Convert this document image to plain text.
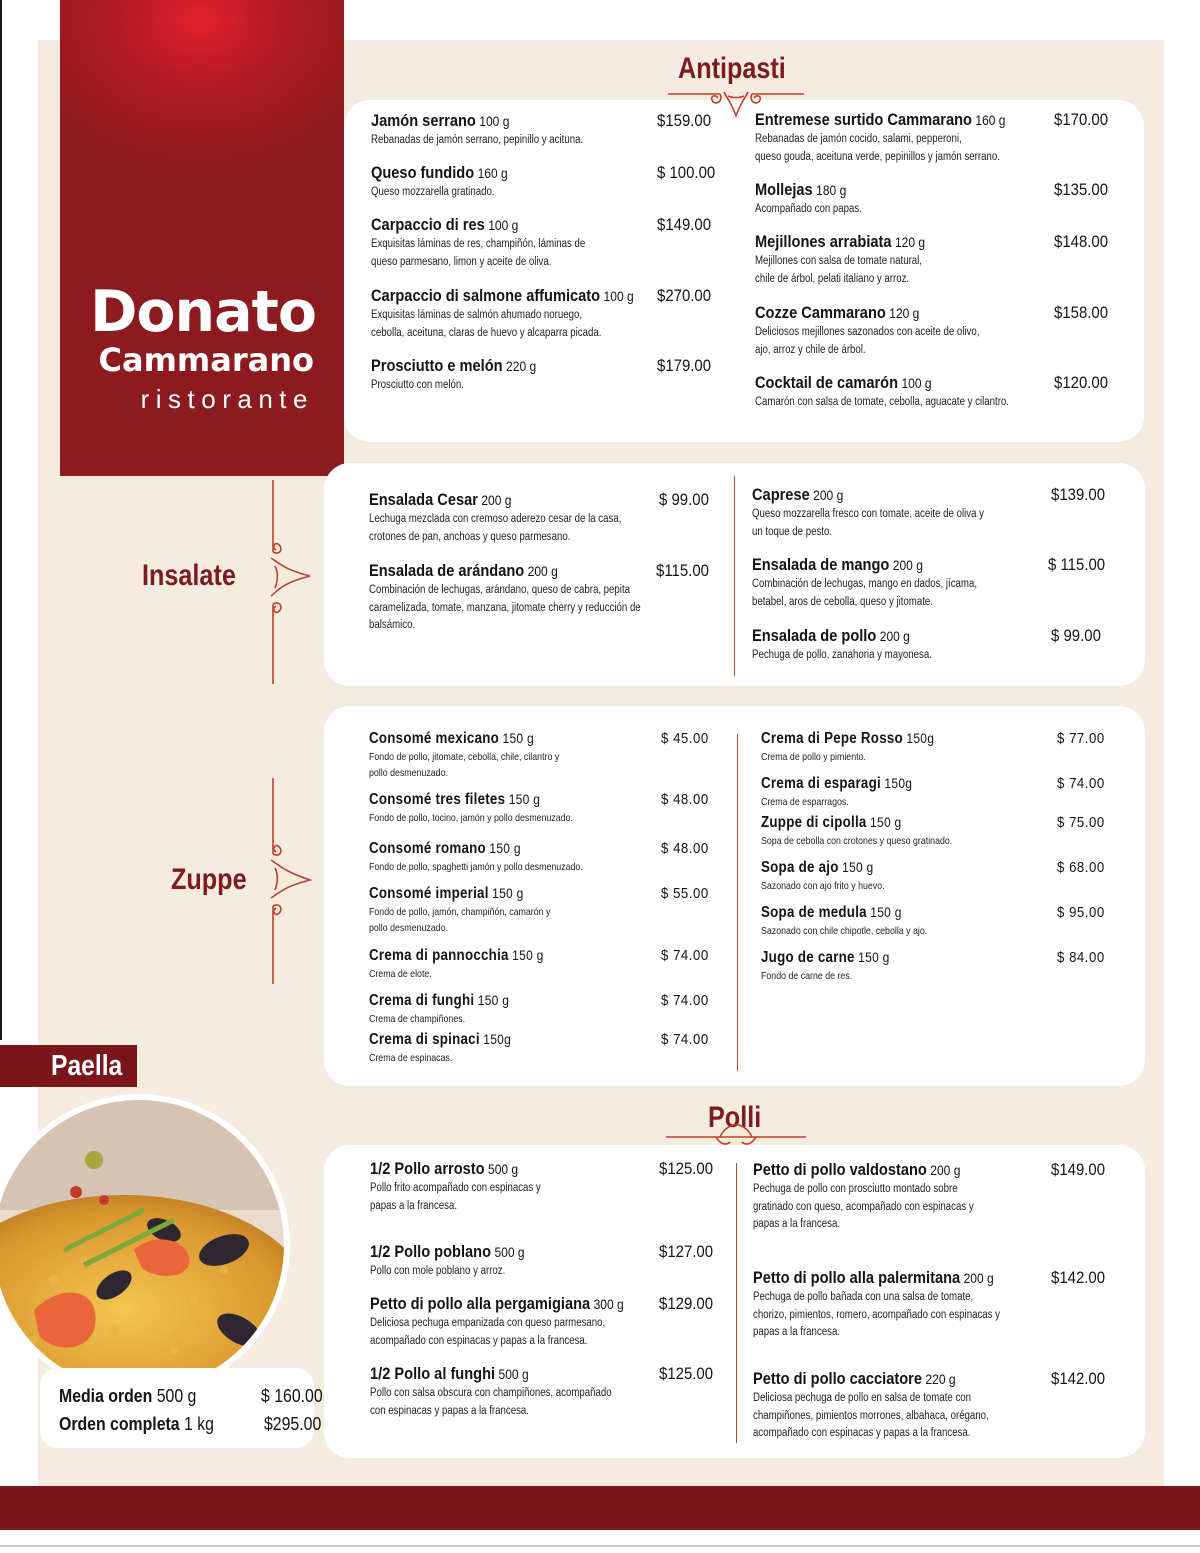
Donato
Cammarano
ristorante
Antipasti
Insalate
Zuppe
Polli
Jamón serrano 100 g	$159.00
Rebanadas de jamón serrano, pepinillo y acituna.
Queso fundido 160 g	$ 100.00
Queso mozzarella gratinado.
Carpaccio di res 100 g	$149.00
Exquisitas láminas de res, champiñón, láminas de
queso parmesano, limon y aceite de oliva.
Carpaccio di salmone affumicato 100 g $270.00
Exquisitas láminas de salmón ahumado noruego,
cebolla, aceituna, claras de huevo y alcaparra picada.
Prosciutto e melón 220 g	$179.00
Prosciutto con melón.
Entremese surtido Cammarano 160 g	$170.00
Rebanadas de jamón cocido, salami, pepperoni,
queso gouda, aceituna verde, pepinillos y jamón serrano.
Mollejas 180 g	$135.00
Acompañado con papas.
Mejillones arrabiata 120 g	$148.00
Mejillones con salsa de tomate natural,
chile de árbol, pelati italiano y arroz.
Cozze Cammarano 120 g	$158.00
Deliciosos mejillones sazonados con aceite de olivo,
ajo, arroz y chile de árbol.
Cocktail de camarón 100 g	$120.00
Camarón con salsa de tomate, cebolla, aguacate y cilantro.
Ensalada Cesar 200 g	$ 99.00
Lechuga mezclada con cremoso aderezo cesar de la casa,
crotones de pan, anchoas y queso parmesano.
Ensalada de arándano 200 g	$115.00
Combinación de lechugas, arándano, queso de cabra, pepita
caramelizada, tomate, manzana, jitomate cherry y reducción de
balsámico.
Caprese 200 g	$139.00
Queso mozzarella fresco con tomate, aceite de oliva y
un toque de pesto.
Ensalada de mango 200 g	$ 115.00
Combinación de lechugas, mango en dados, jícama,
betabel, aros de cebolla, queso y jitomate.
Ensalada de pollo 200 g	$ 99.00
Pechuga de pollo, zanahoria y mayonesa.
Consomé mexicano 150 g	$ 45.00
Fondo de pollo, jitomate, cebolla, chile, cilantro y
pollo desmenuzado.
Consomé tres filetes 150 g	$ 48.00
Fondo de pollo, tocino, jamón y pollo desmenuzado.
Consomé romano 150 g	$ 48.00
Fondo de pollo, spaghetti jamón y pollo desmenuzado.
Consomé imperial 150 g	$ 55.00
Fondo de pollo, jamón, champiñón, camarón y
pollo desmenuzado.
Crema di pannocchia 150 g	$ 74.00
Crema de elote.
Crema di funghi 150 g	$ 74.00
Crema de champiñones.
Crema di spinaci 150g	$ 74.00
Crema de espinacas.
Crema di Pepe Rosso 150g	$ 77.00
Crema de pollo y pimiento.
Crema di esparagi 150g	$ 74.00
Crema de esparragos.
Zuppe di cipolla 150 g	$ 75.00
Sopa de cebolla con crotones y queso gratinado.
Sopa de ajo 150 g	$ 68.00
Sazonado con ajo frito y huevo.
Sopa de medula 150 g	$ 95.00
Sazonado con chile chipotle, cebolla y ajo.
Jugo de carne 150 g	$ 84.00
Fondo de carne de res.
1/2 Pollo arrosto 500 g	$125.00
Pollo frito acompañado con espinacas y
papas a la francesa.
1/2 Pollo poblano 500 g	$127.00
Pollo con mole poblano y arroz.
Petto di pollo alla pergamigiana 300 g $129.00
Deliciosa pechuga empanizada con queso parmesano,
acompañado con espinacas y papas a la francesa.
1/2 Pollo al funghi 500 g	$125.00
Pollo con salsa obscura con champiñones, acompañado
con espinacas y papas a la francesa.
Petto di pollo valdostano 200 g	$149.00
Pechuga de pollo con prosciutto montado sobre
gratinado con queso, acompañado con espinacas y
papas a la francesa.
Petto di pollo alla palermitana 200 g	$142.00
Pechuga de pollo bañada con una salsa de tomate,
chorizo, pimientos, romero, acompañado con espinacas y
papas a la francesa.
Petto di pollo cacciatore 220 g	$142.00
Deliciosa pechuga de pollo en salsa de tomate con
champiñones, pimientos morrones, albahaca, orégano,
acompañado con espinacas y papas a la francesa.
Paella
Media orden 500 g	$ 160.00
Orden completa 1 kg	$295.00
